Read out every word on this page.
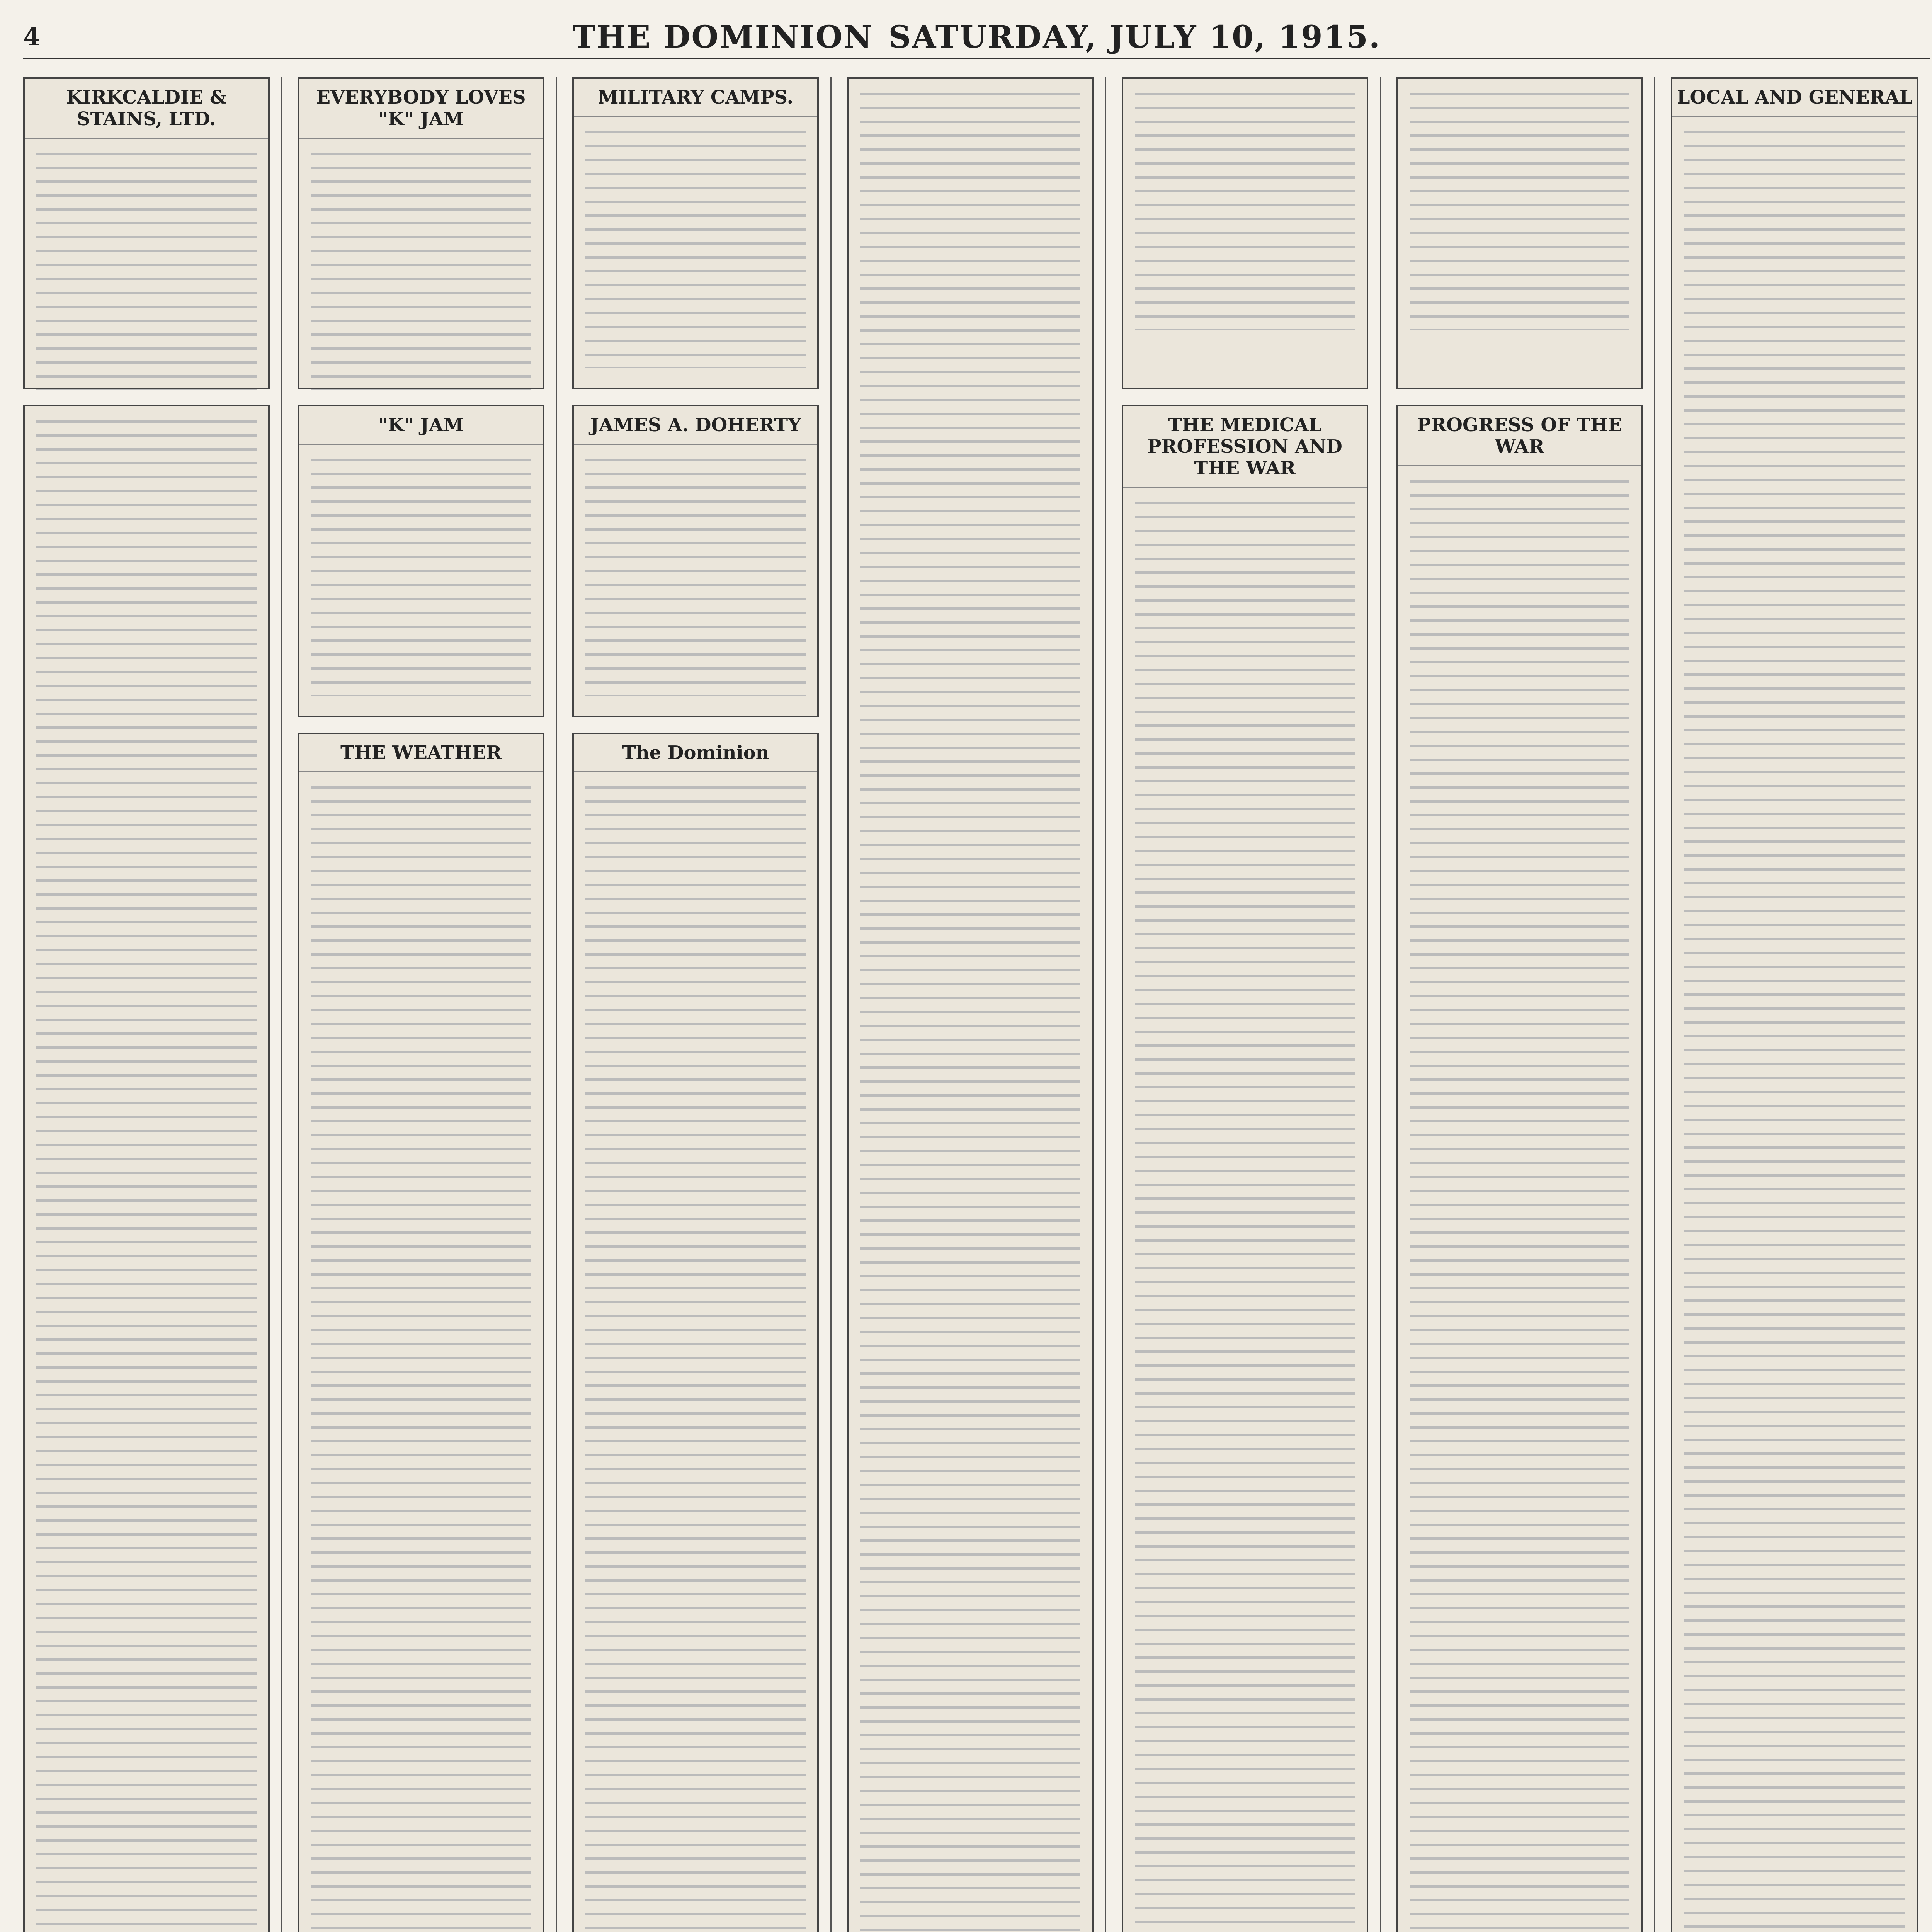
4	THE DOMINION SATURDAY, JULY 10, 1915.
KIRKCALDIE & STAINS, LTD.
EVERYBODY LOVES "K" JAM
"K" JAM
THE WEATHER
MILITARY CAMPS.
JAMES A. DOHERTY
The Dominion
THE MEDICAL PROFESSION AND THE WAR
PROGRESS OF THE WAR
LOCAL AND GENERAL
